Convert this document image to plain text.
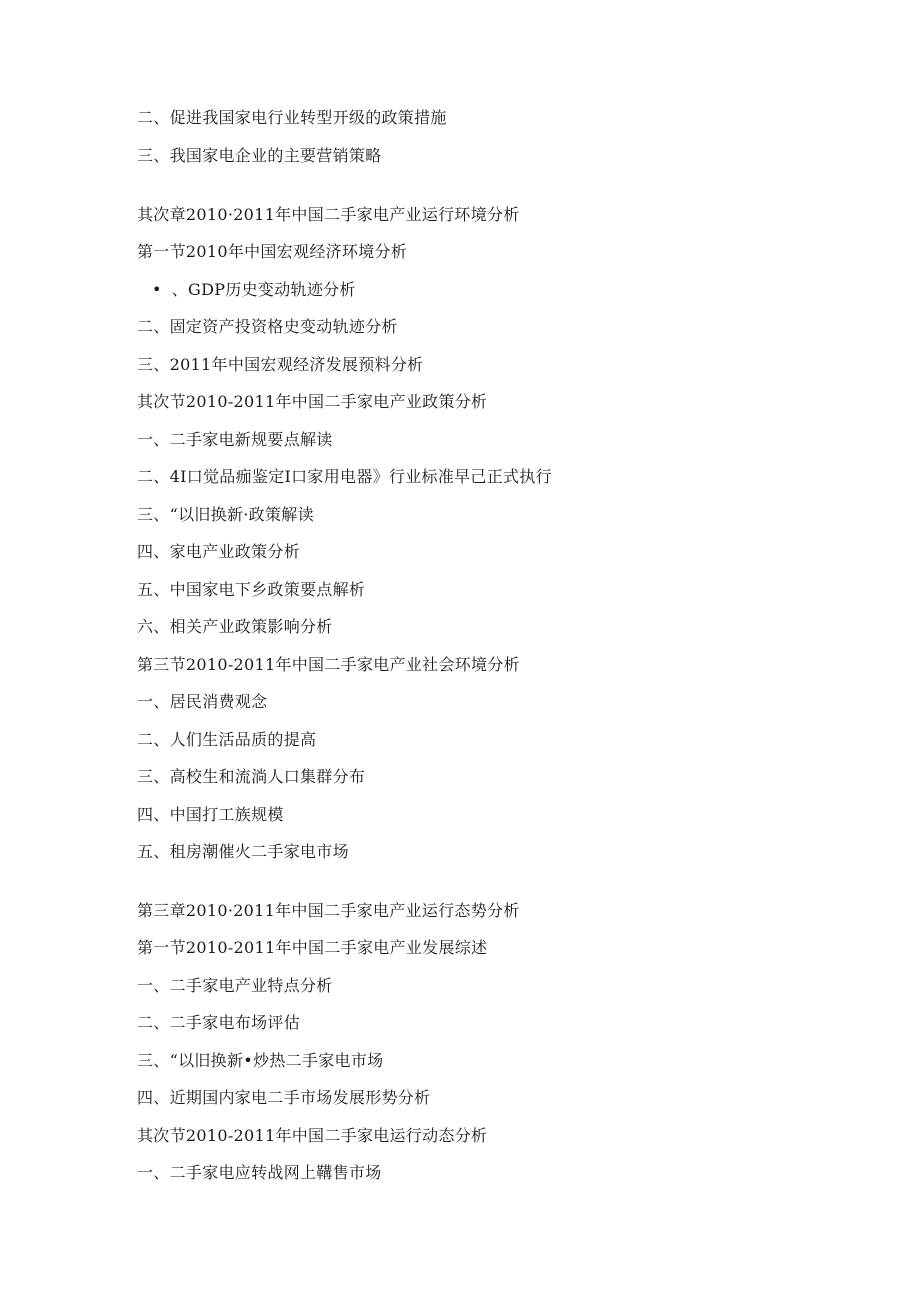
二、促进我国家电行业转型开级的政策措施
三、我国家电企业的主要营销策略
其次章2010·2011年中国二手家电产业运行环境分析
第一节2010年中国宏观经济环境分析
• 、GDP历史变动轨迹分析
二、固定资产投资格史变动轨迹分析
三、2011年中国宏观经济发展预料分析
其次节2010-2011年中国二手家电产业政策分析
一、二手家电新规要点解读
二、4I口觉品痂鉴定I口家用电器》行业标准早己正式执行
三、“以旧换新·政策解读
四、家电产业政策分析
五、中国家电下乡政策要点解析
六、相关产业政策影响分析
第三节2010-2011年中国二手家电产业社会环境分析
一、居民消费观念
二、人们生活品质的提高
三、高校生和流淌人口集群分布
四、中国打工族规模
五、租房潮催火二手家电市场
第三章2010·2011年中国二手家电产业运行态势分析
第一节2010-2011年中国二手家电产业发展综述
一、二手家电产业特点分析
二、二手家电布场评估
三、“以旧换新•炒热二手家电市场
四、近期国内家电二手市场发展形势分析
其次节2010-2011年中国二手家电运行动态分析
一、二手家电应转战网上鞲售市场
